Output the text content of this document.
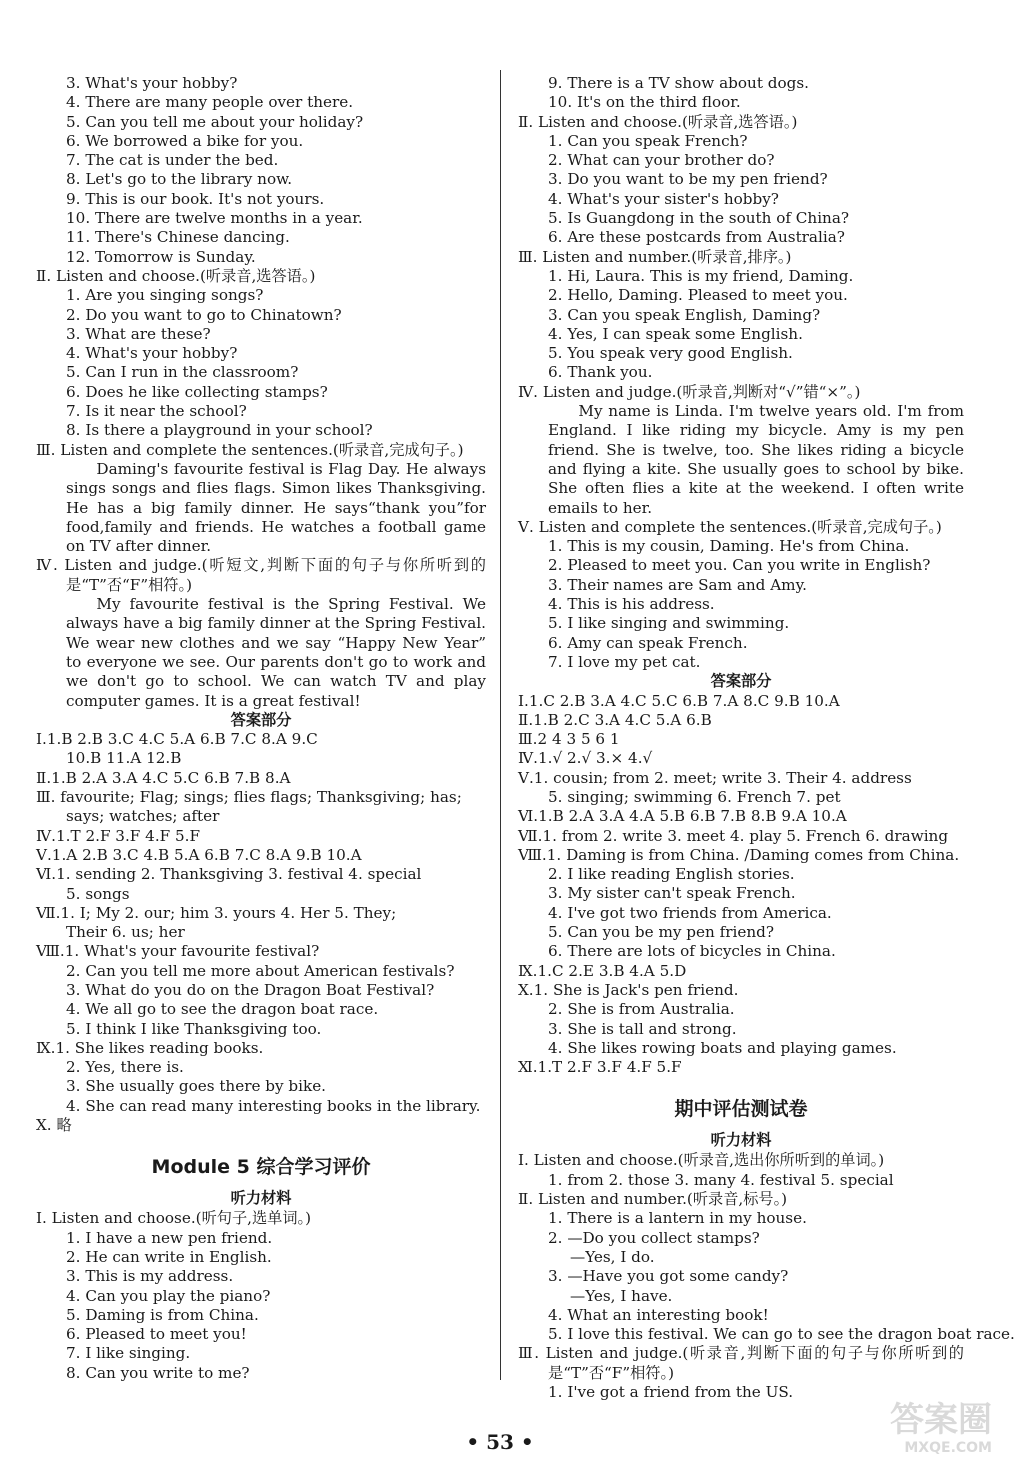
3. What's your hobby?
4. There are many people over there.
5. Can you tell me about your holiday?
6. We borrowed a bike for you.
7. The cat is under the bed.
8. Let's go to the library now.
9. This is our book. It's not yours.
10. There are twelve months in a year.
11. There's Chinese dancing.
12. Tomorrow is Sunday.
Ⅱ. Listen and choose.(听录音,选答语。)
1. Are you singing songs?
2. Do you want to go to Chinatown?
3. What are these?
4. What's your hobby?
5. Can I run in the classroom?
6. Does he like collecting stamps?
7. Is it near the school?
8. Is there a playground in your school?
Ⅲ. Listen and complete the sentences.(听录音,完成句子。)
Daming's favourite festival is Flag Day. He always sings songs and flies flags. Simon likes Thanksgiving. He has a big family dinner. He says“thank you”for food,family and friends. He watches a football game on TV after dinner.
Ⅳ. Listen and judge.(听短文,判断下面的句子与你所听到的是“T”否“F”相符。)
My favourite festival is the Spring Festival. We always have a big family dinner at the Spring Festival. We wear new clothes and we say “Happy New Year” to everyone we see. Our parents don't go to work and we don't go to school. We can watch TV and play computer games. It is a great festival!
答案部分
Ⅰ.1.B 2.B 3.C 4.C 5.A 6.B 7.C 8.A 9.C
10.B 11.A 12.B
Ⅱ.1.B 2.A 3.A 4.C 5.C 6.B 7.B 8.A
Ⅲ. favourite; Flag; sings; flies flags; Thanksgiving; has;
says; watches; after
Ⅳ.1.T 2.F 3.F 4.F 5.F
Ⅴ.1.A 2.B 3.C 4.B 5.A 6.B 7.C 8.A 9.B 10.A
Ⅵ.1. sending 2. Thanksgiving 3. festival 4. special
5. songs
Ⅶ.1. I; My 2. our; him 3. yours 4. Her 5. They;
Their 6. us; her
Ⅷ.1. What's your favourite festival?
2. Can you tell me more about American festivals?
3. What do you do on the Dragon Boat Festival?
4. We all go to see the dragon boat race.
5. I think I like Thanksgiving too.
Ⅸ.1. She likes reading books.
2. Yes, there is.
3. She usually goes there by bike.
4. She can read many interesting books in the library.
Ⅹ. 略
Module 5 综合学习评价
听力材料
Ⅰ. Listen and choose.(听句子,选单词。)
1. I have a new pen friend.
2. He can write in English.
3. This is my address.
4. Can you play the piano?
5. Daming is from China.
6. Pleased to meet you!
7. I like singing.
8. Can you write to me?
9. There is a TV show about dogs.
10. It's on the third floor.
Ⅱ. Listen and choose.(听录音,选答语。)
1. Can you speak French?
2. What can your brother do?
3. Do you want to be my pen friend?
4. What's your sister's hobby?
5. Is Guangdong in the south of China?
6. Are these postcards from Australia?
Ⅲ. Listen and number.(听录音,排序。)
1. Hi, Laura. This is my friend, Daming.
2. Hello, Daming. Pleased to meet you.
3. Can you speak English, Daming?
4. Yes, I can speak some English.
5. You speak very good English.
6. Thank you.
Ⅳ. Listen and judge.(听录音,判断对“√”错“×”。)
My name is Linda. I'm twelve years old. I'm from England. I like riding my bicycle. Amy is my pen friend. She is twelve, too. She likes riding a bicycle and flying a kite. She usually goes to school by bike. She often flies a kite at the weekend. I often write emails to her.
Ⅴ. Listen and complete the sentences.(听录音,完成句子。)
1. This is my cousin, Daming. He's from China.
2. Pleased to meet you. Can you write in English?
3. Their names are Sam and Amy.
4. This is his address.
5. I like singing and swimming.
6. Amy can speak French.
7. I love my pet cat.
答案部分
Ⅰ.1.C 2.B 3.A 4.C 5.C 6.B 7.A 8.C 9.B 10.A
Ⅱ.1.B 2.C 3.A 4.C 5.A 6.B
Ⅲ.2 4 3 5 6 1
Ⅳ.1.√ 2.√ 3.× 4.√
Ⅴ.1. cousin; from 2. meet; write 3. Their 4. address
5. singing; swimming 6. French 7. pet
Ⅵ.1.B 2.A 3.A 4.A 5.B 6.B 7.B 8.B 9.A 10.A
Ⅶ.1. from 2. write 3. meet 4. play 5. French 6. drawing
Ⅷ.1. Daming is from China. /Daming comes from China.
2. I like reading English stories.
3. My sister can't speak French.
4. I've got two friends from America.
5. Can you be my pen friend?
6. There are lots of bicycles in China.
Ⅸ.1.C 2.E 3.B 4.A 5.D
Ⅹ.1. She is Jack's pen friend.
2. She is from Australia.
3. She is tall and strong.
4. She likes rowing boats and playing games.
Ⅺ.1.T 2.F 3.F 4.F 5.F
期中评估测试卷
听力材料
Ⅰ. Listen and choose.(听录音,选出你所听到的单词。)
1. from 2. those 3. many 4. festival 5. special
Ⅱ. Listen and number.(听录音,标号。)
1. There is a lantern in my house.
2. —Do you collect stamps?
—Yes, I do.
3. —Have you got some candy?
—Yes, I have.
4. What an interesting book!
5. I love this festival. We can go to see the dragon boat race.
Ⅲ. Listen and judge.(听录音,判断下面的句子与你所听到的是“T”否“F”相符。)
1. I've got a friend from the US.
• 53 •
答案圈
MXQE.COM
